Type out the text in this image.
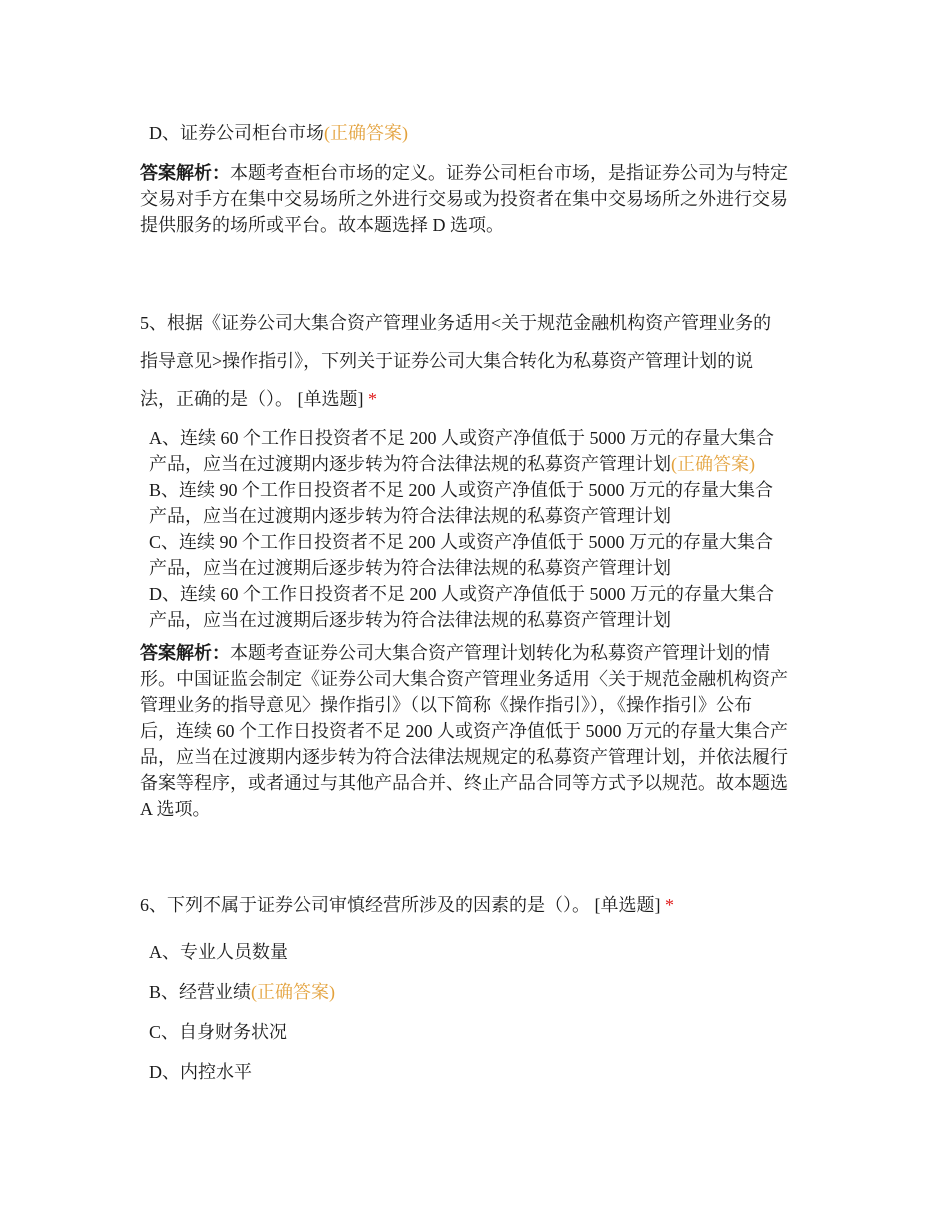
D、证券公司柜台市场(正确答案)
答案解析：本题考查柜台市场的定义。证券公司柜台市场，是指证券公司为与特定
交易对手方在集中交易场所之外进行交易或为投资者在集中交易场所之外进行交易
提供服务的场所或平台。故本题选择 D 选项。
5、根据《证券公司大集合资产管理业务适用<关于规范金融机构资产管理业务的
指导意见>操作指引》，下列关于证券公司大集合转化为私募资产管理计划的说
法，正确的是（）。 [单选题] *
A、连续 60 个工作日投资者不足 200 人或资产净值低于 5000 万元的存量大集合
产品，应当在过渡期内逐步转为符合法律法规的私募资产管理计划(正确答案)
B、连续 90 个工作日投资者不足 200 人或资产净值低于 5000 万元的存量大集合
产品，应当在过渡期内逐步转为符合法律法规的私募资产管理计划
C、连续 90 个工作日投资者不足 200 人或资产净值低于 5000 万元的存量大集合
产品，应当在过渡期后逐步转为符合法律法规的私募资产管理计划
D、连续 60 个工作日投资者不足 200 人或资产净值低于 5000 万元的存量大集合
产品，应当在过渡期后逐步转为符合法律法规的私募资产管理计划
答案解析：本题考查证券公司大集合资产管理计划转化为私募资产管理计划的情
形。中国证监会制定《证券公司大集合资产管理业务适用〈关于规范金融机构资产
管理业务的指导意见〉操作指引》（以下简称《操作指引》），《操作指引》公布
后，连续 60 个工作日投资者不足 200 人或资产净值低于 5000 万元的存量大集合产
品，应当在过渡期内逐步转为符合法律法规规定的私募资产管理计划，并依法履行
备案等程序，或者通过与其他产品合并、终止产品合同等方式予以规范。故本题选
A 选项。
6、下列不属于证券公司审慎经营所涉及的因素的是（）。 [单选题] *
A、专业人员数量
B、经营业绩(正确答案)
C、自身财务状况
D、内控水平
